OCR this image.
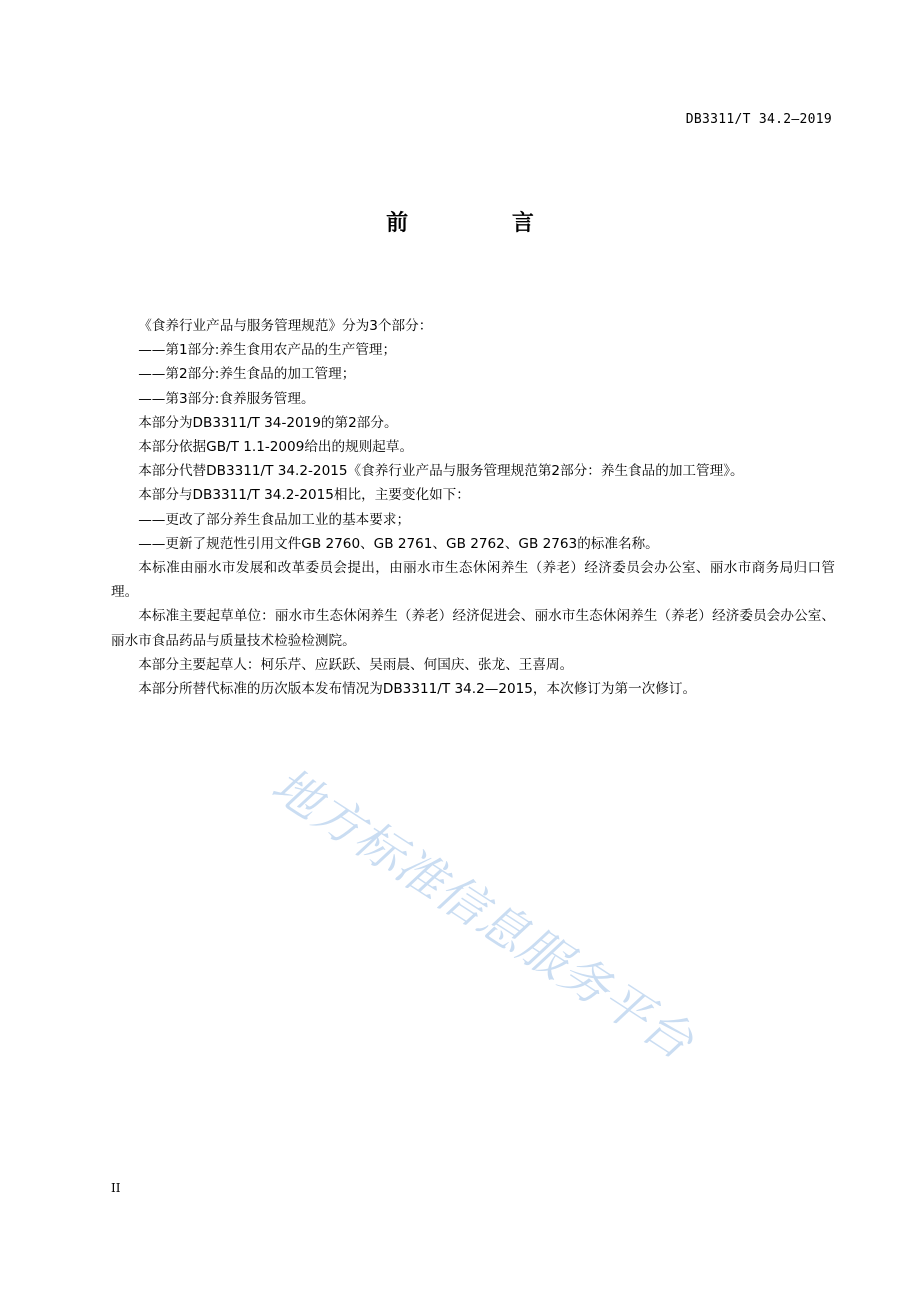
DB3311/T 34.2—2019
前 言

《食养行业产品与服务管理规范》分为3个部分：

——第1部分:养生食用农产品的生产管理；

——第2部分:养生食品的加工管理；

——第3部分:食养服务管理。

本部分为DB3311/T 34-2019的第2部分。

本部分依据GB/T 1.1-2009给出的规则起草。

本部分代替DB3311/T 34.2-2015《食养行业产品与服务管理规范第2部分：养生食品的加工管理》。

本部分与DB3311/T 34.2-2015相比，主要变化如下：

——更改了部分养生食品加工业的基本要求；

——更新了规范性引用文件GB 2760、GB 2761、GB 2762、GB 2763的标准名称。

本标准由丽水市发展和改革委员会提出，由丽水市生态休闲养生（养老）经济委员会办公室、丽水市商务局归口管理。

本标准主要起草单位：丽水市生态休闲养生（养老）经济促进会、丽水市生态休闲养生（养老）经济委员会办公室、丽水市食品药品与质量技术检验检测院。

本部分主要起草人：柯乐芹、应跃跃、吴雨晨、何国庆、张龙、王喜周。

本部分所替代标准的历次版本发布情况为DB3311/T 34.2—2015，本次修订为第一次修订。

地方标准信息服务平台
II
